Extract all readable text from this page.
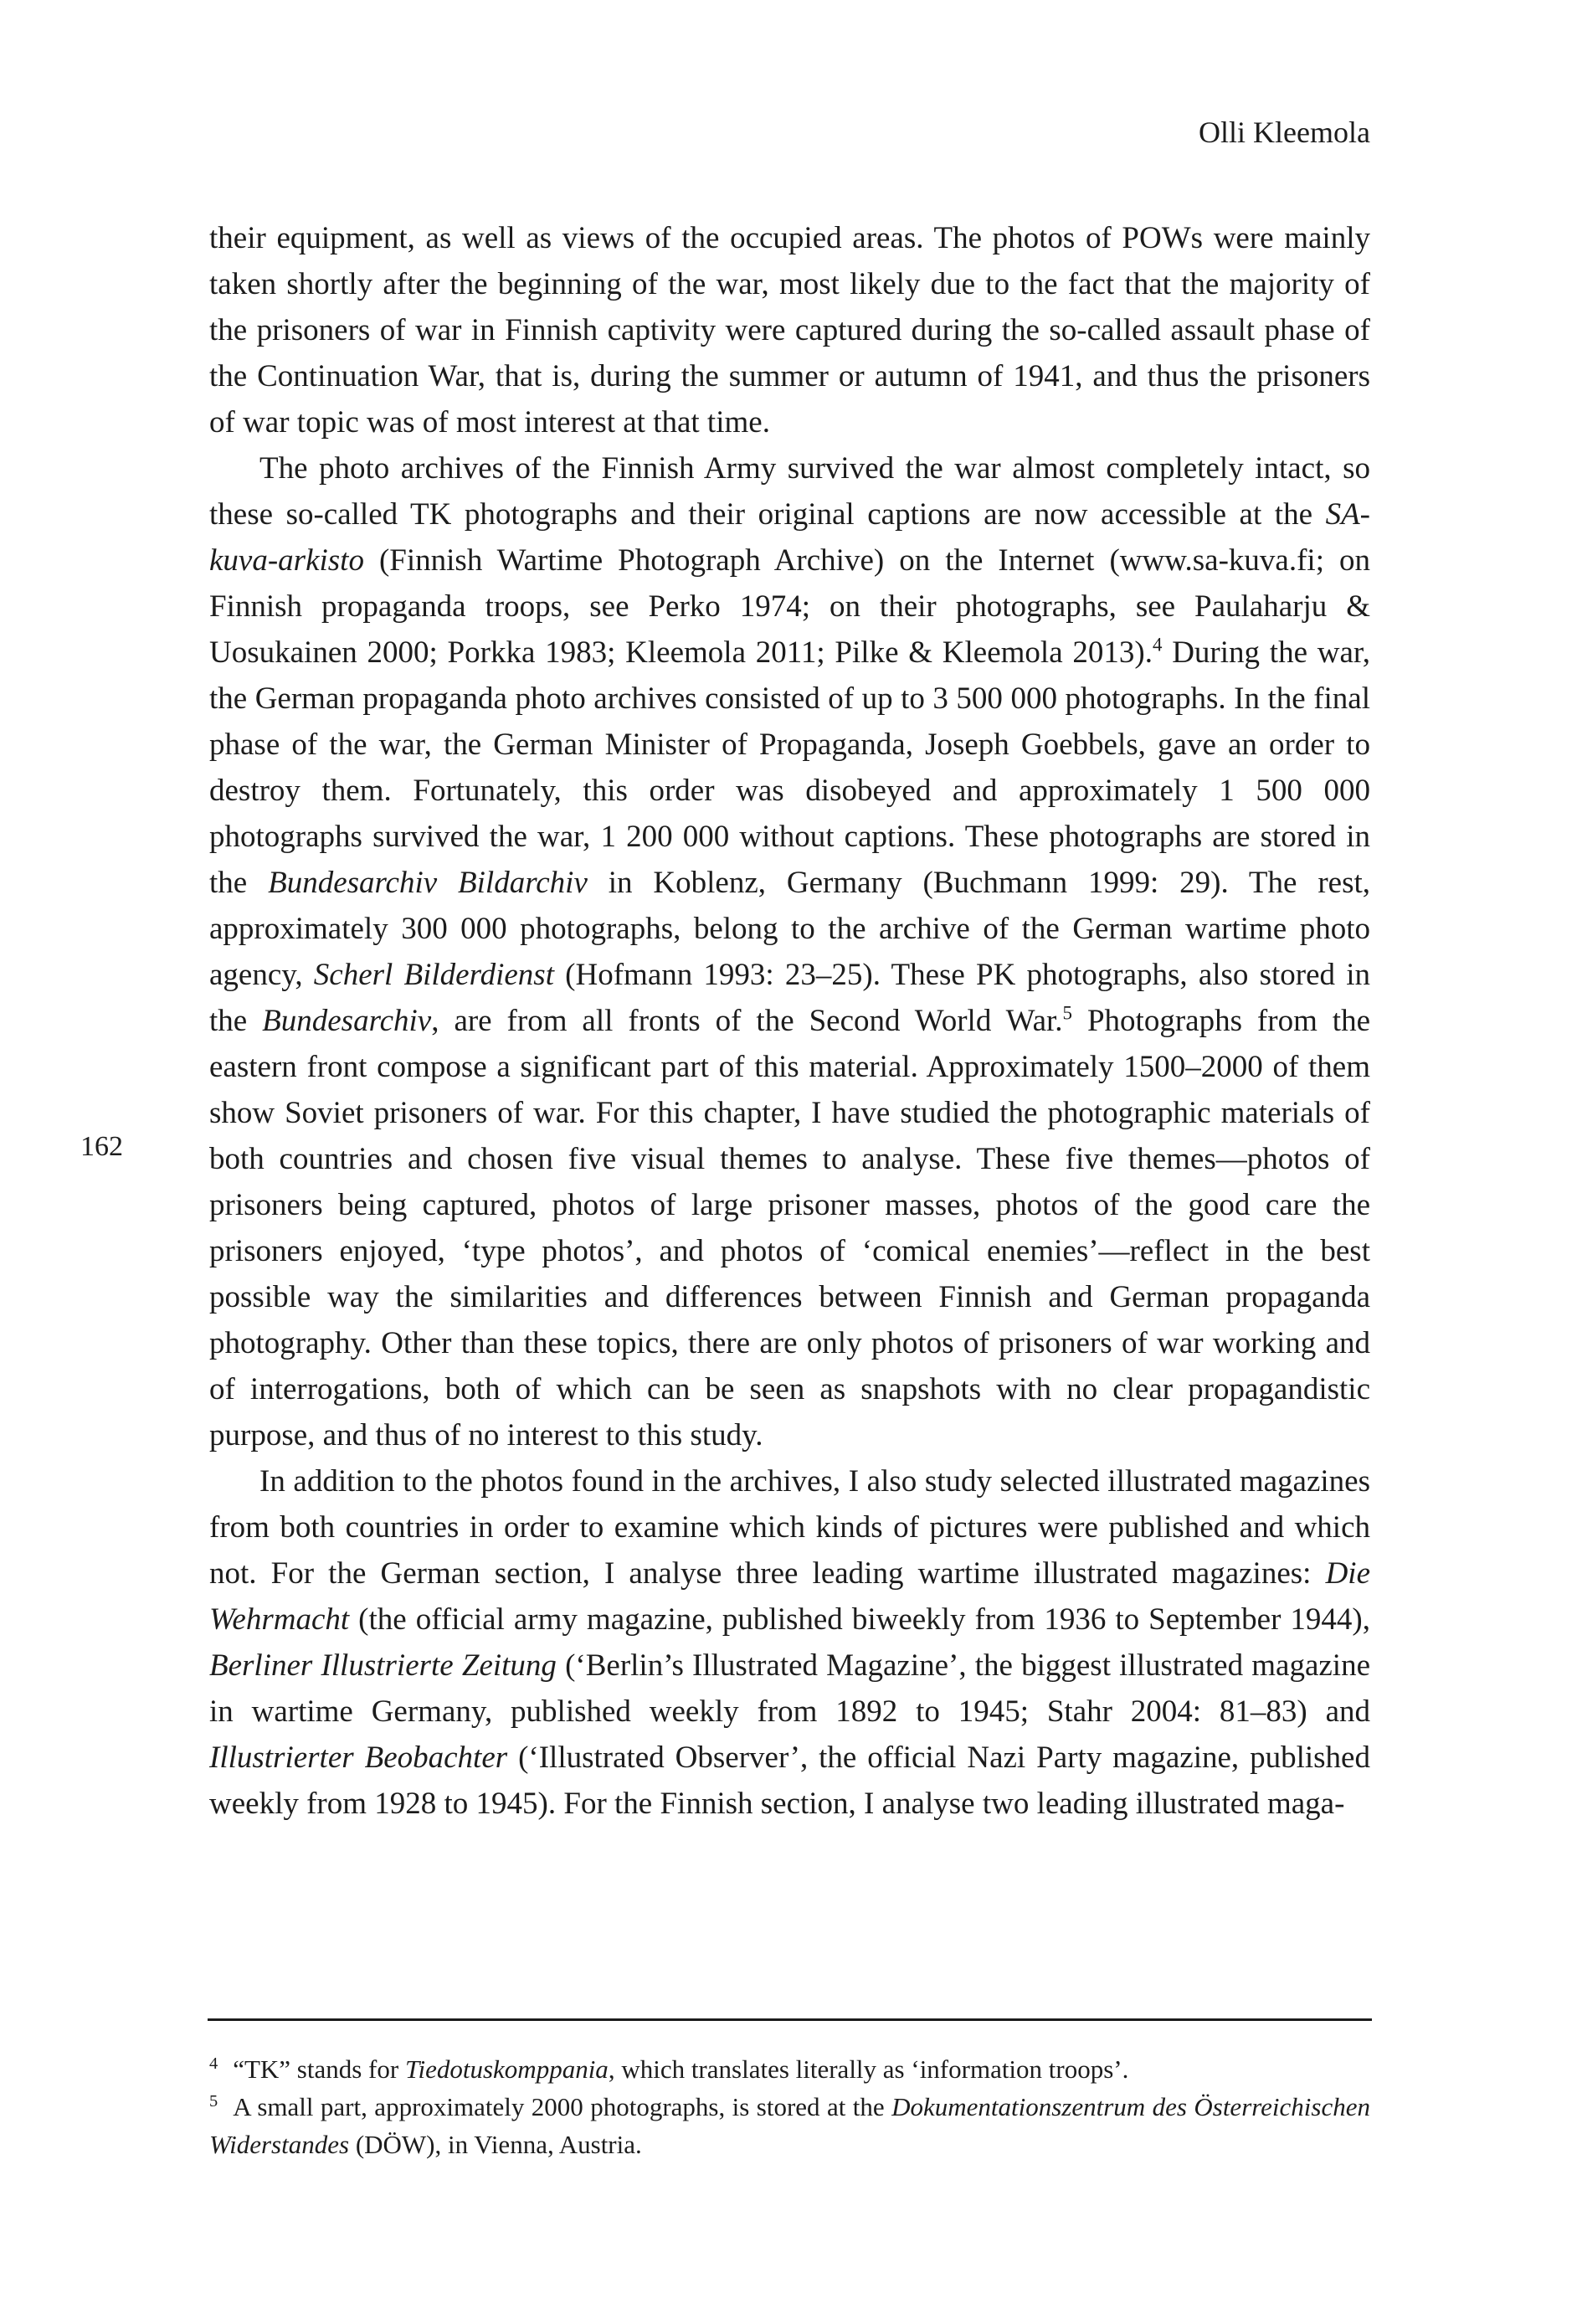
Olli Kleemola
162

their equipment, as well as views of the occupied areas. The photos of POWs were mainly taken shortly after the beginning of the war, most likely due to the fact that the majority of the prisoners of war in Finnish captivity were captured during the so-called assault phase of the Continuation War, that is, during the summer or autumn of 1941, and thus the prisoners of war topic was of most interest at that time.

The photo archives of the Finnish Army survived the war almost completely intact, so these so-called TK photographs and their original captions are now accessible at the SA-kuva-arkisto (Finnish Wartime Photograph Archive) on the Internet (www.sa-kuva.fi; on Finnish propaganda troops, see Perko 1974; on their photographs, see Paulaharju & Uosukainen 2000; Porkka 1983; Kleemola 2011; Pilke & Kleemola 2013).$^4$ During the war, the German propaganda photo archives consisted of up to 3 500 000 photographs. In the final phase of the war, the German Minister of Propaganda, Joseph Goebbels, gave an order to destroy them. Fortunately, this order was disobeyed and approximately 1 500 000 photographs survived the war, 1 200 000 without captions. These photographs are stored in the Bundesarchiv Bildarchiv in Koblenz, Germany (Buchmann 1999: 29). The rest, approximately 300 000 photographs, belong to the archive of the German wartime photo agency, Scherl Bilderdienst (Hofmann 1993: 23–25). These PK photographs, also stored in the Bundesarchiv, are from all fronts of the Second World War.$^5$ Photographs from the eastern front compose a significant part of this material. Approximately 1500–2000 of them show Soviet prisoners of war. For this chapter, I have studied the photographic materials of both countries and chosen five visual themes to analyse. These five themes—photos of prisoners being captured, photos of large prisoner masses, photos of the good care the prisoners enjoyed, ‘type photos’, and photos of ‘comical enemies’—reflect in the best possible way the similarities and differences between Finnish and German propaganda photography. Other than these topics, there are only photos of prisoners of war working and of interrogations, both of which can be seen as snapshots with no clear propagandistic purpose, and thus of no interest to this study.

In addition to the photos found in the archives, I also study selected illustrated magazines from both countries in order to examine which kinds of pictures were published and which not. For the German section, I analyse three leading wartime illustrated magazines: Die Wehrmacht (the official army magazine, published biweekly from 1936 to September 1944), Berliner Illustrierte Zeitung (‘Berlin’s Illustrated Magazine’, the biggest illustrated magazine in wartime Germany, published weekly from 1892 to 1945; Stahr 2004: 81–83) and Illustrierter Beobachter (‘Illustrated Observer’, the official Nazi Party magazine, published weekly from 1928 to 1945). For the Finnish section, I analyse two leading illustrated maga-

$^4$ “TK” stands for Tiedotuskomppania, which translates literally as ‘information troops’.

$^5$ A small part, approximately 2000 photographs, is stored at the Dokumentationszentrum des Österreichischen Widerstandes (DÖW), in Vienna, Austria.
